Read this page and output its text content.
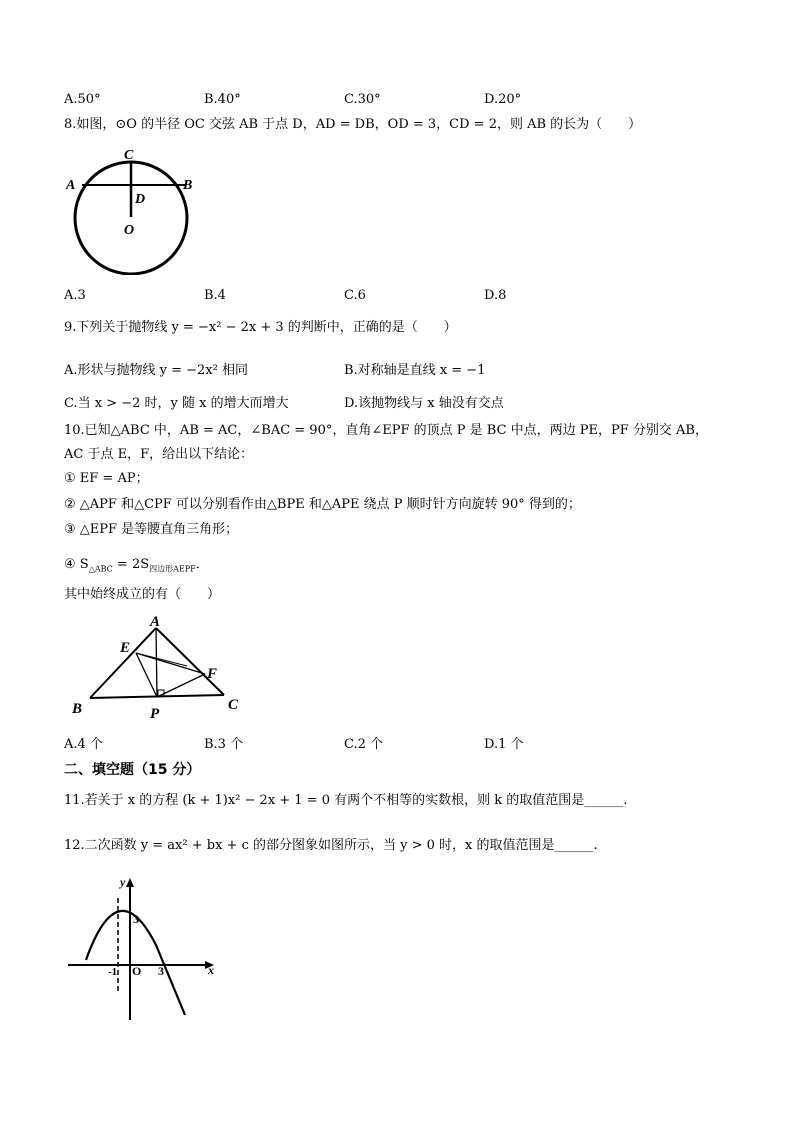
A.50°	B.40°	C.30°	D.20°
8.如图，⊙O 的半径 OC 交弦 AB 于点 D，AD = DB，OD = 3，CD = 2，则 AB 的长为（　　）
C
A	B
D
O
A.3	B.4	C.6	D.8
9.下列关于抛物线 y = −x² − 2x + 3 的判断中，正确的是（　　）
A.形状与抛物线 y = −2x² 相同	B.对称轴是直线 x = −1
C.当 x > −2 时，y 随 x 的增大而增大	D.该抛物线与 x 轴没有交点
10.已知△ABC 中，AB = AC，∠BAC = 90°，直角∠EPF 的顶点 P 是 BC 中点，两边 PE，PF 分别交 AB，
AC 于点 E，F，给出以下结论：
① EF = AP；
② △APF 和△CPF 可以分别看作由△BPE 和△APE 绕点 P 顺时针方向旋转 90° 得到的；
③ △EPF 是等腰直角三角形；
④ $S_{\triangle ABC} = 2S_{四边形AEPF}$．
其中始终成立的有（　　）
A
E
F
B	P
C
A.4 个	B.3 个	C.2 个	D.1 个
二、填空题（15 分）
11.若关于 x 的方程 (k + 1)x² − 2x + 1 = 0 有两个不相等的实数根，则 k 的取值范围是______.
12.二次函数 y = ax² + bx + c 的部分图象如图所示，当 y > 0 时，x 的取值范围是______.
y
x
3
-1 O 3
